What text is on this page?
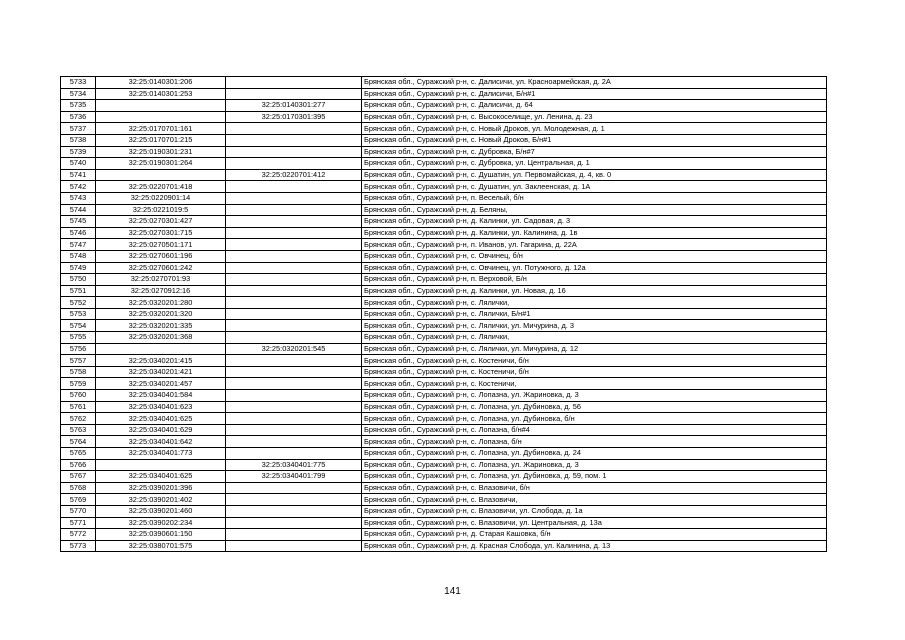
5733	32:25:0140301:206		Брянская обл., Суражский р-н, с. Далисичи, ул. Красноармейская, д. 2А
5734	32:25:0140301:253		Брянская обл., Суражский р-н, с. Далисичи, Б/н#1
5735		32:25:0140301:277	Брянская обл., Суражский р-н, с. Далисичи, д. 64
5736		32:25:0170301:395	Брянская обл., Суражский р-н, с. Высокоселище, ул. Ленина, д. 23
5737	32:25:0170701:161		Брянская обл., Суражский р-н, с. Новый Дроков, ул. Молодежная, д. 1
5738	32:25:0170701:215		Брянская обл., Суражский р-н, с. Новый Дроков, Б/н#1
5739	32:25:0190301:231		Брянская обл., Суражский р-н, с. Дубровка, Б/н#7
5740	32:25:0190301:264		Брянская обл., Суражский р-н, с. Дубровка, ул. Центральная, д. 1
5741		32:25:0220701:412	Брянская обл., Суражский р-н, с. Душатин, ул. Первомайская, д. 4, кв. 0
5742	32:25:0220701:418		Брянская обл., Суражский р-н, с. Душатин, ул. Заклеенская, д. 1А
5743	32:25:0220901:14		Брянская обл., Суражский р-н, п. Веселый, б/н
5744	32:25:0221019:5		Брянская обл., Суражский р-н, д. Беляны,
5745	32:25:0270301:427		Брянская обл., Суражский р-н, д. Калинки, ул. Садовая, д. 3
5746	32:25:0270301:715		Брянская обл., Суражский р-н, д. Калинки, ул. Калинина, д. 1в
5747	32:25:0270501:171		Брянская обл., Суражский р-н, п. Иванов, ул. Гагарина, д. 22А
5748	32:25:0270601:196		Брянская обл., Суражский р-н, с. Овчинец, б/н
5749	32:25:0270601:242		Брянская обл., Суражский р-н, с. Овчинец, ул. Потужного, д. 12а
5750	32:25:0270701:93		Брянская обл., Суражский р-н, п. Верховой, Б/н
5751	32:25:0270912:16		Брянская обл., Суражский р-н, д. Калинки, ул. Новая, д. 16
5752	32:25:0320201:280		Брянская обл., Суражский р-н, с. Лялички,
5753	32:25:0320201:320		Брянская обл., Суражский р-н, с. Лялички, Б/н#1
5754	32:25:0320201:335		Брянская обл., Суражский р-н, с. Лялички, ул. Мичурина, д. 3
5755	32:25:0320201:368		Брянская обл., Суражский р-н, с. Лялички,
5756		32:25:0320201:545	Брянская обл., Суражский р-н, с. Лялички, ул. Мичурина, д. 12
5757	32:25:0340201:415		Брянская обл., Суражский р-н, с. Костеничи, б/н
5758	32:25:0340201:421		Брянская обл., Суражский р-н, с. Костеничи, б/н
5759	32:25:0340201:457		Брянская обл., Суражский р-н, с. Костеничи,
5760	32:25:0340401:584		Брянская обл., Суражский р-н, с. Лопазна, ул. Жариновка, д. 3
5761	32:25:0340401:623		Брянская обл., Суражский р-н, с. Лопазна, ул. Дубиновка, д. 56
5762	32:25:0340401:625		Брянская обл., Суражский р-н, с. Лопазна, ул. Дубиновка, б/н
5763	32:25:0340401:629		Брянская обл., Суражский р-н, с. Лопазна, б/н#4
5764	32:25:0340401:642		Брянская обл., Суражский р-н, с. Лопазна, б/н
5765	32:25:0340401:773		Брянская обл., Суражский р-н, с. Лопазна, ул. Дубиновка, д. 24
5766		32:25:0340401:775	Брянская обл., Суражский р-н, с. Лопазна, ул. Жариновка, д. 3
5767	32:25:0340401:625	32:25:0340401:799	Брянская обл., Суражский р-н, с. Лопазна, ул. Дубиновка, д. 59, пом. 1
5768	32:25:0390201:396		Брянская обл., Суражский р-н, с. Влазовичи, б/н
5769	32:25:0390201:402		Брянская обл., Суражский р-н, с. Влазовичи,
5770	32:25:0390201:460		Брянская обл., Суражский р-н, с. Влазовичи, ул. Слобода, д. 1а
5771	32:25:0390202:234		Брянская обл., Суражский р-н, с. Влазовичи, ул. Центральная, д. 13а
5772	32:25:0390601:150		Брянская обл., Суражский р-н, д. Старая Кашовка, б/н
5773	32:25:0380701:575		Брянская обл., Суражский р-н, д. Красная Слобода, ул. Калинина, д. 13
141
